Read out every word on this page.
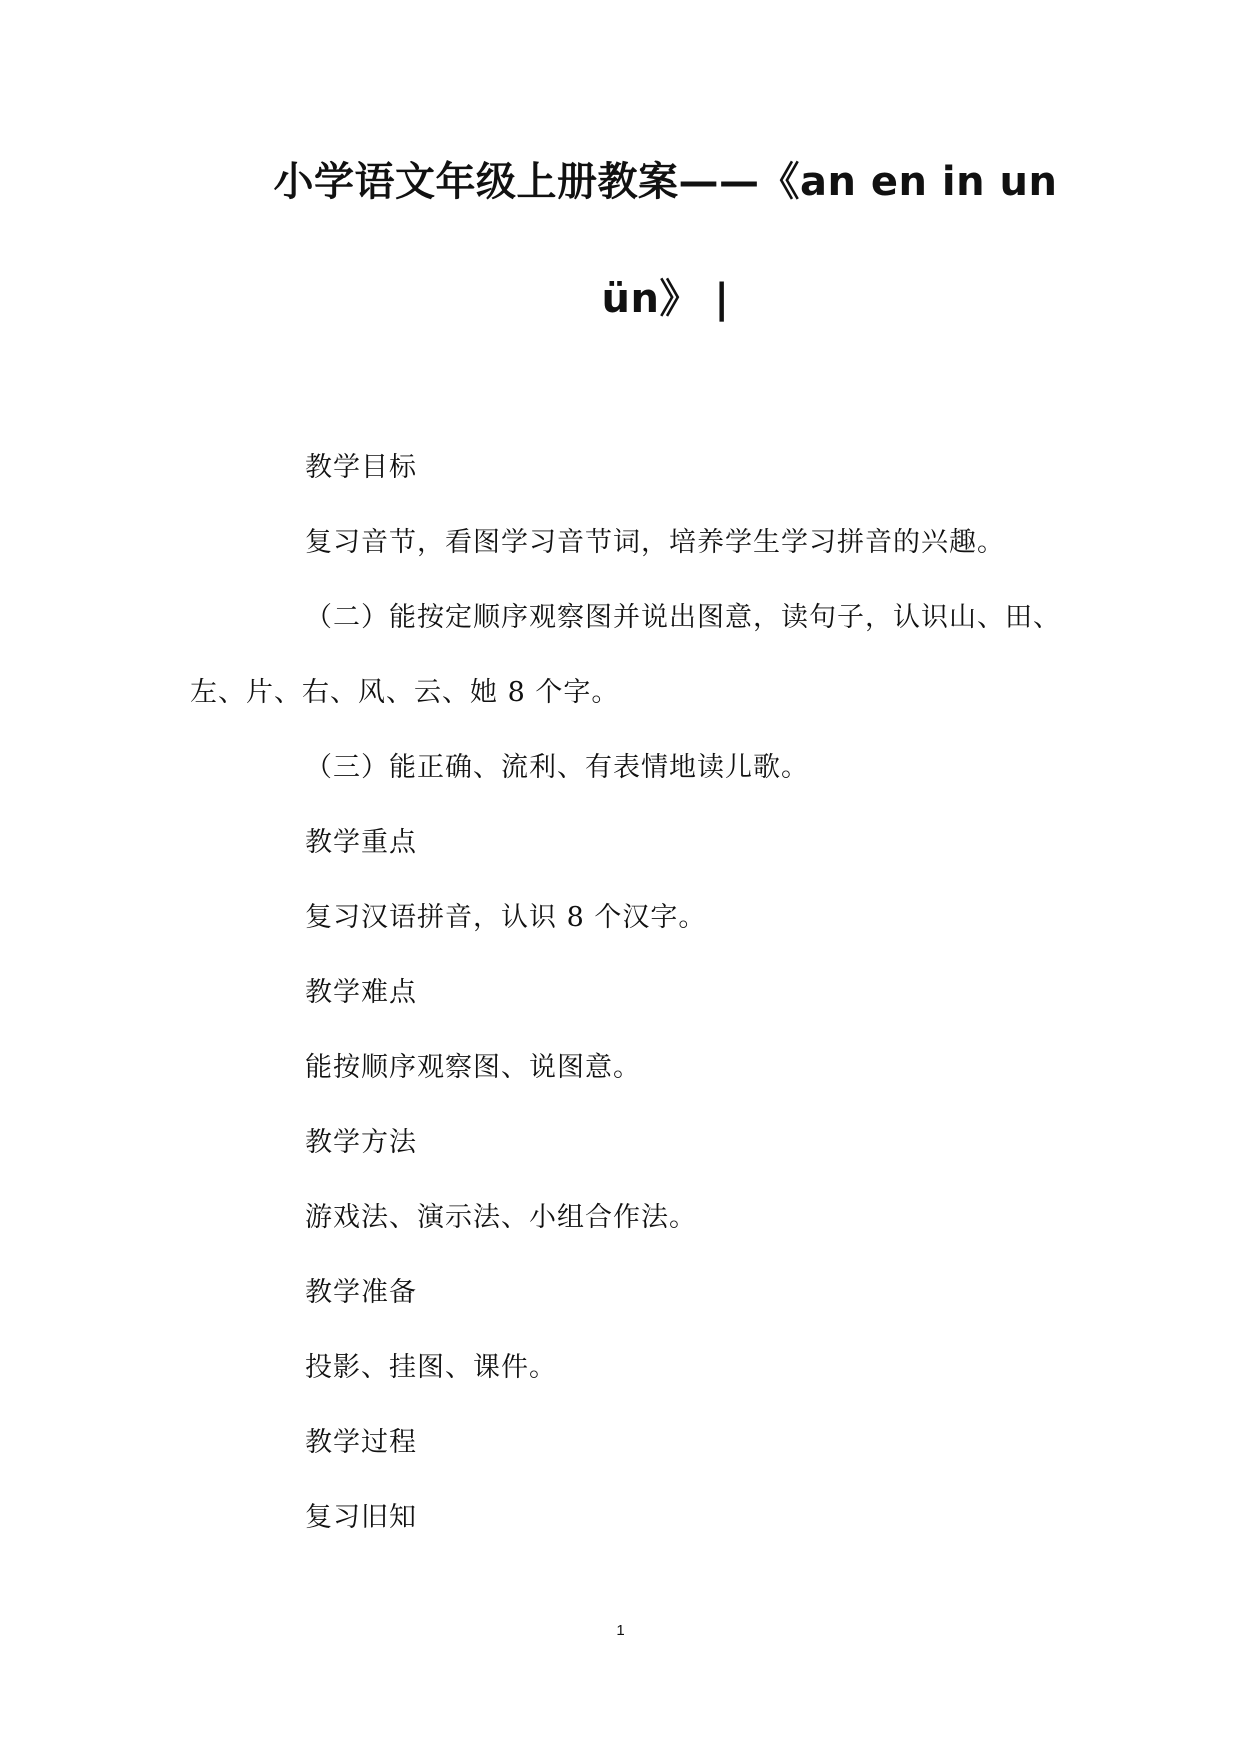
小学语文年级上册教案——《an en in un
ün》 |
教学目标
复习音节，看图学习音节词，培养学生学习拼音的兴趣。
（二）能按定顺序观察图并说出图意，读句子，认识山、田、
左、片、右、风、云、她 8 个字。
（三）能正确、流利、有表情地读儿歌。
教学重点
复习汉语拼音，认识 8 个汉字。
教学难点
能按顺序观察图、说图意。
教学方法
游戏法、演示法、小组合作法。
教学准备
投影、挂图、课件。
教学过程
复习旧知
1
